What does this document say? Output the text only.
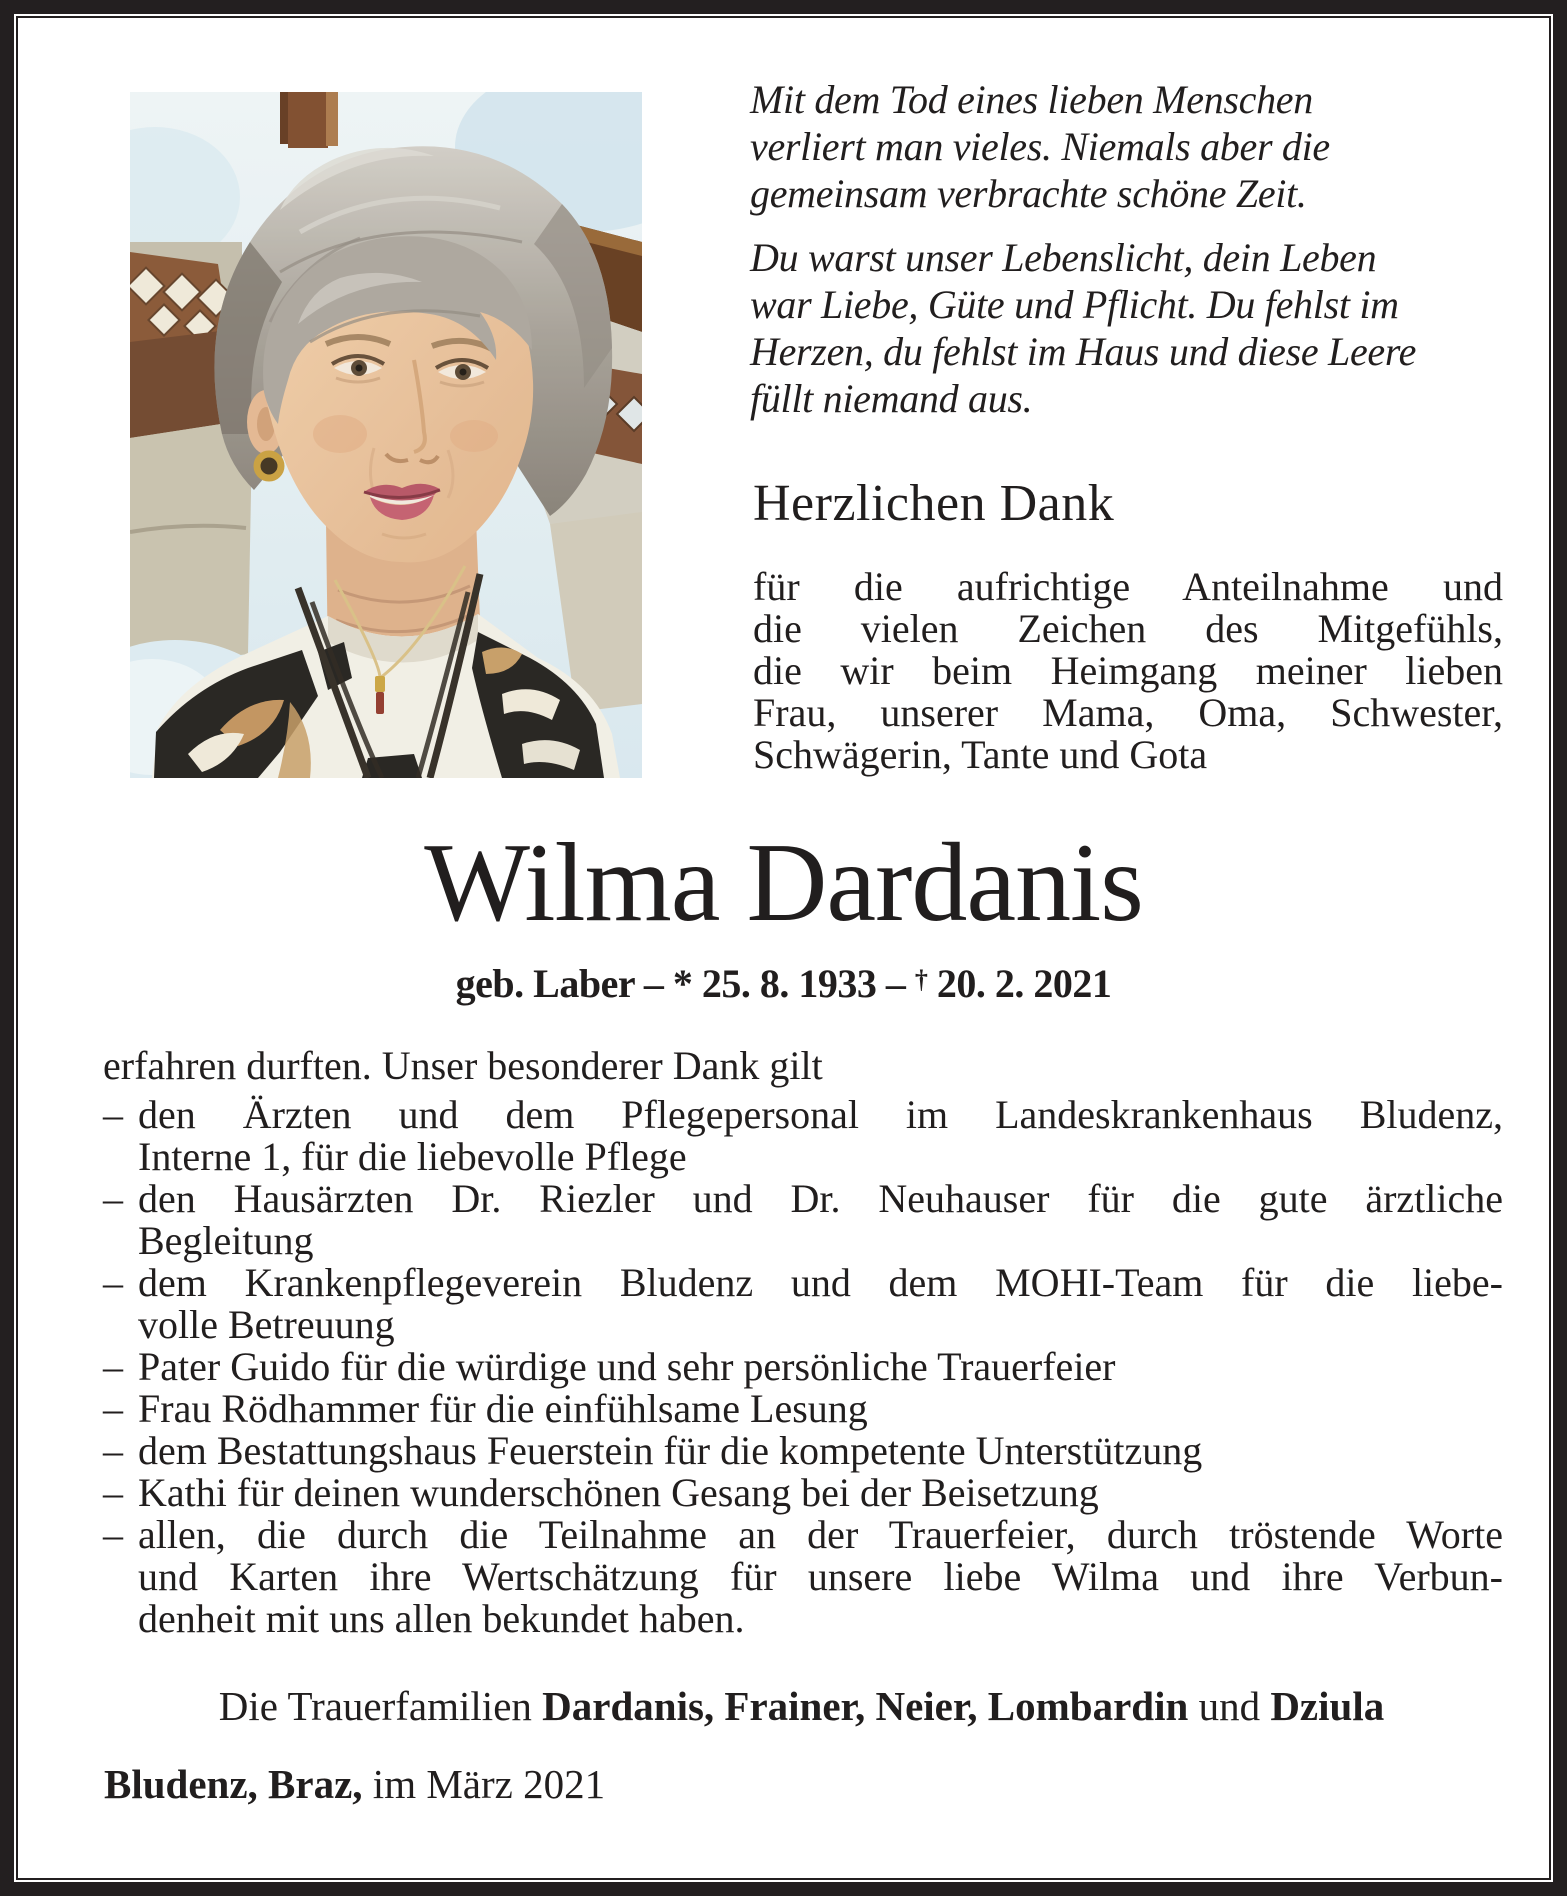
Mit dem Tod eines lieben Menschen
verliert man vieles. Niemals aber die
gemeinsam verbrachte schöne Zeit.
Du warst unser Lebenslicht, dein Leben
war Liebe, Güte und Pflicht. Du fehlst im
Herzen, du fehlst im Haus und diese Leere
füllt niemand aus.
Herzlichen Dank
für die aufrichtige Anteilnahme und
die vielen Zeichen des Mitgefühls,
die wir beim Heimgang meiner lieben
Frau, unserer Mama, Oma, Schwester,
Schwägerin, Tante und Gota
Wilma Dardanis
geb. Laber – * 25. 8. 1933 – † 20. 2. 2021
erfahren durften. Unser besonderer Dank gilt
– den Ärzten und dem Pflegepersonal im Landeskrankenhaus Bludenz,
Interne 1, für die liebevolle Pflege
– den Hausärzten Dr. Riezler und Dr. Neuhauser für die gute ärztliche
Begleitung
– dem Krankenpflegeverein Bludenz und dem MOHI-Team für die liebe-
volle Betreuung
– Pater Guido für die würdige und sehr persönliche Trauerfeier
– Frau Rödhammer für die einfühlsame Lesung
– dem Bestattungshaus Feuerstein für die kompetente Unterstützung
– Kathi für deinen wunderschönen Gesang bei der Beisetzung
– allen, die durch die Teilnahme an der Trauerfeier, durch tröstende Worte
und Karten ihre Wertschätzung für unsere liebe Wilma und ihre Verbun-
denheit mit uns allen bekundet haben.
Die Trauerfamilien Dardanis, Frainer, Neier, Lombardin und Dziula
Bludenz, Braz, im März 2021
